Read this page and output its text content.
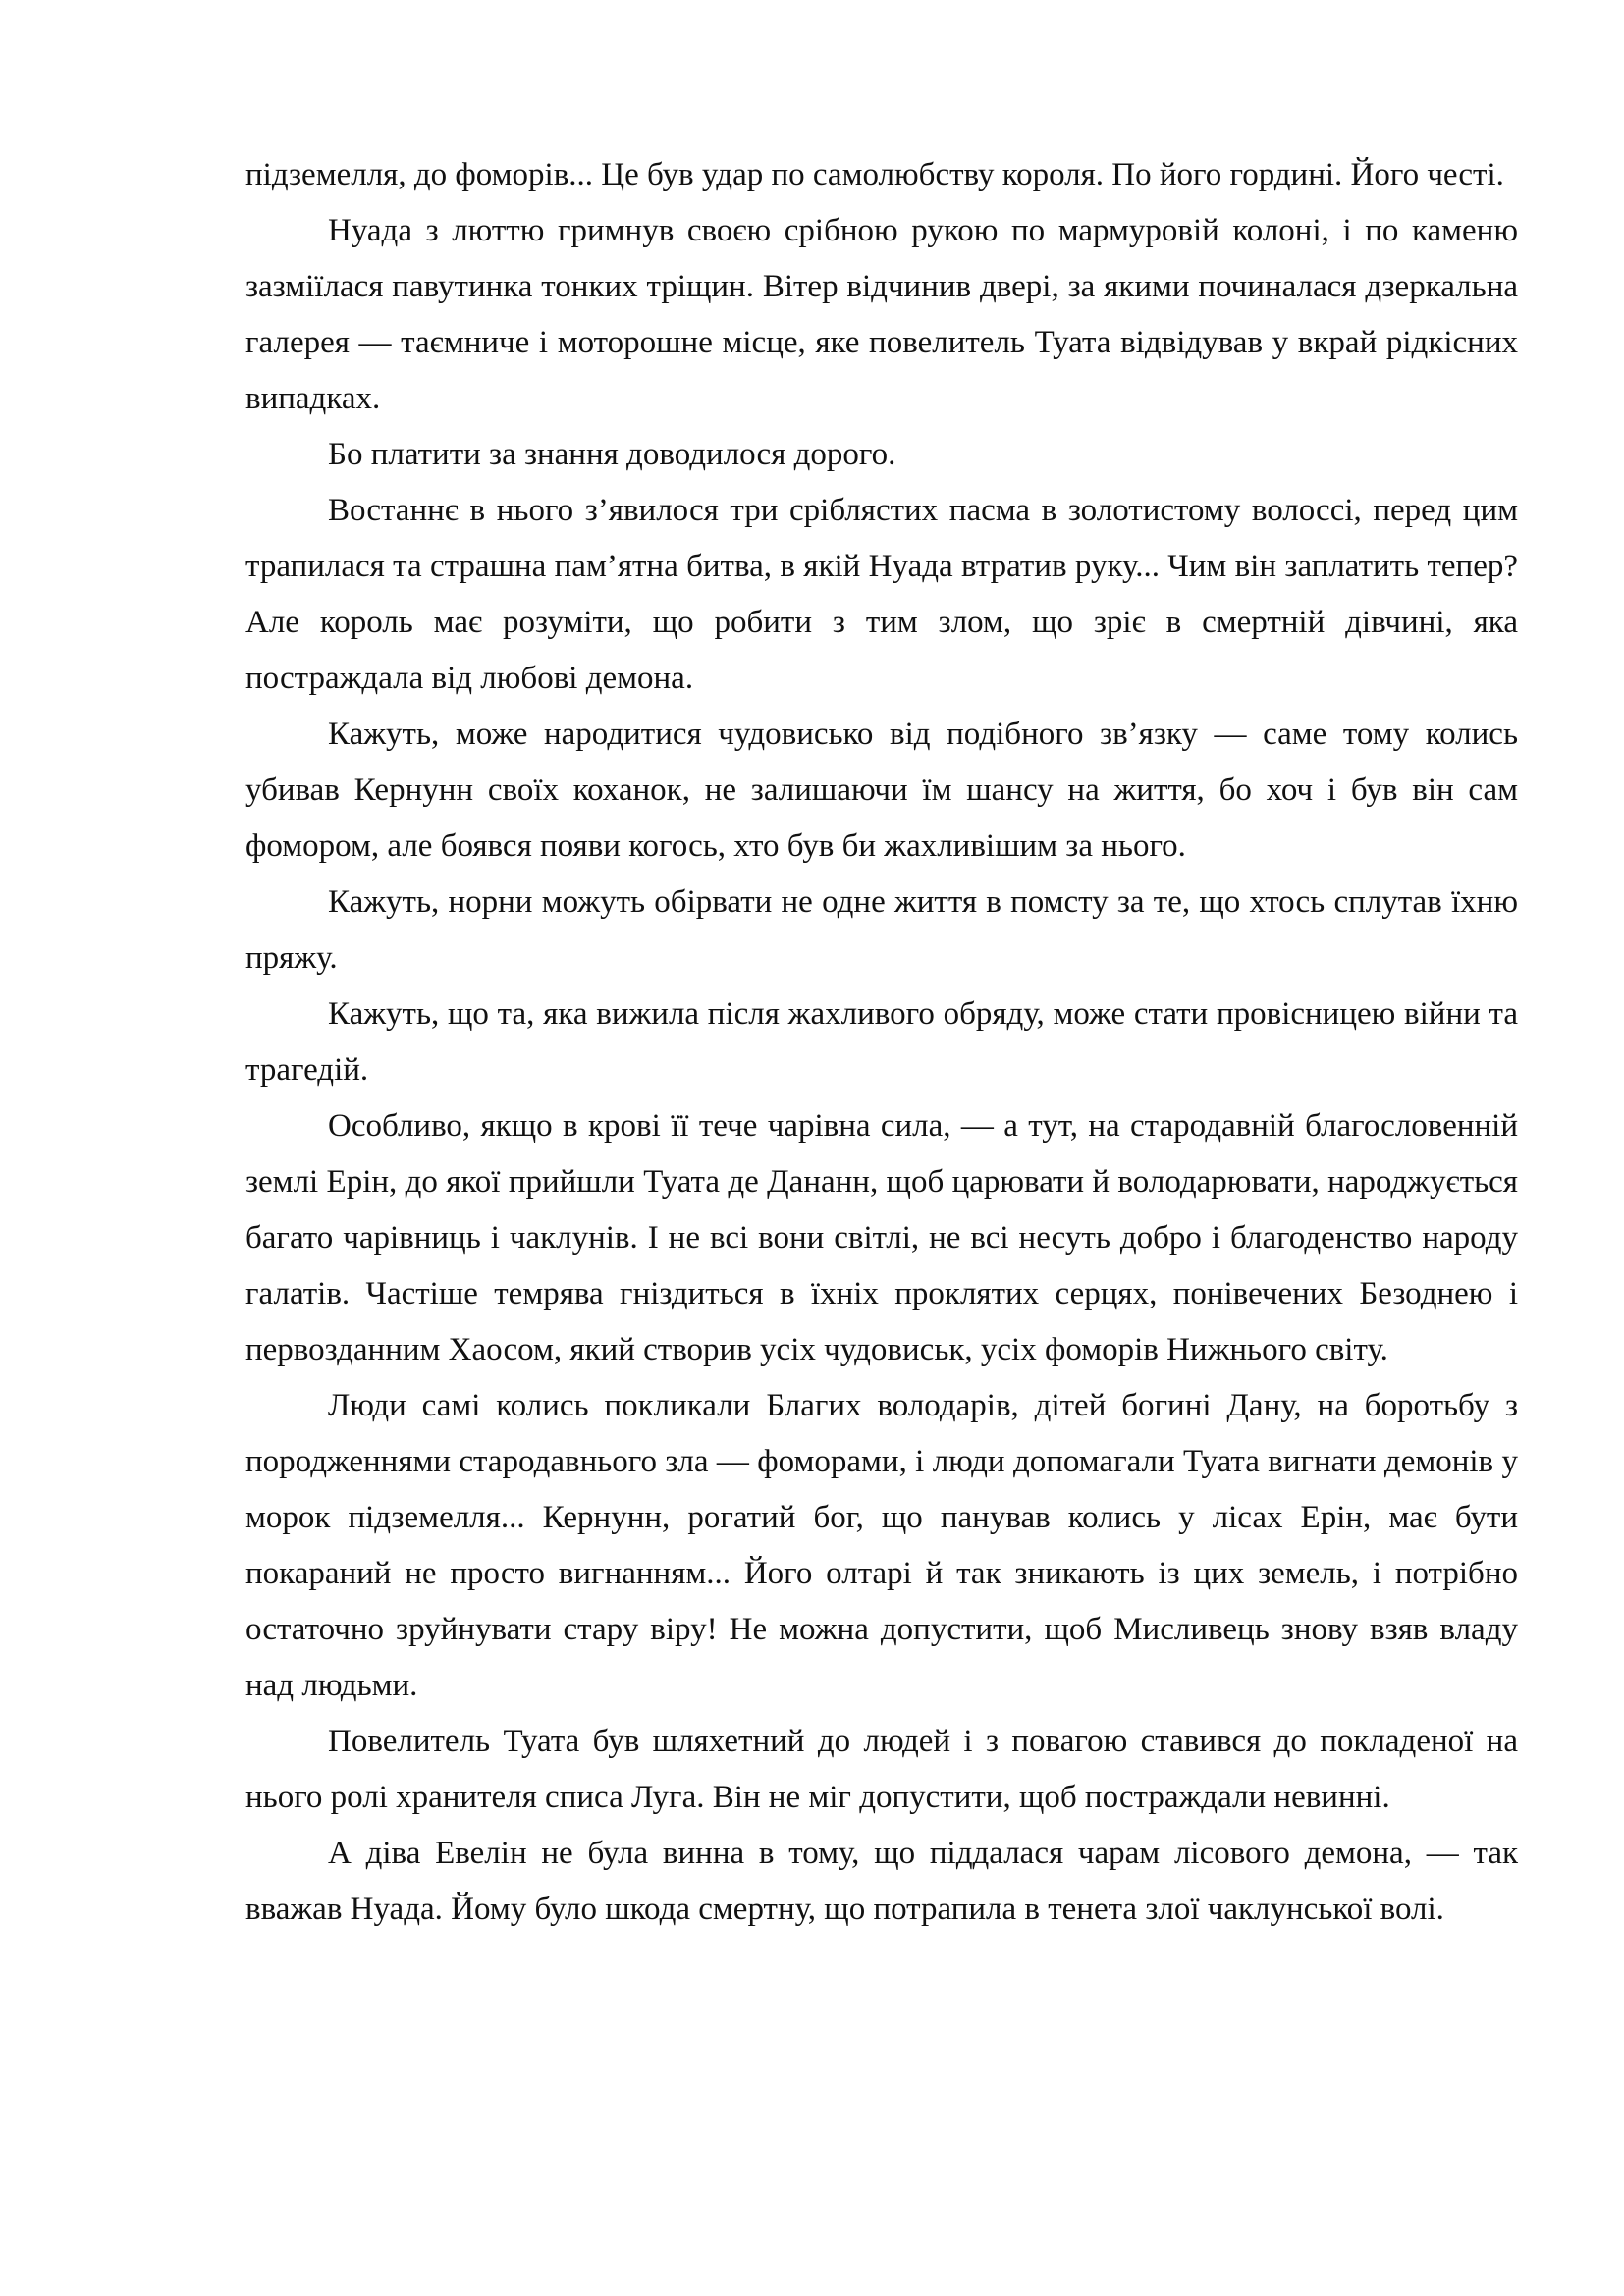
підземелля, до фоморів... Це був удар по самолюбству короля. По його гордині. Його честі.

Нуада з люттю гримнув своєю срібною рукою по мармуровій колоні, і по каменю зазміїлася павутинка тонких тріщин. Вітер відчинив двері, за якими починалася дзеркальна галерея — таємниче і моторошне місце, яке повелитель Туата відвідував у вкрай рідкісних випадках.

Бо платити за знання доводилося дорого.

Востаннє в нього з’явилося три сріблястих пасма в золотистому волоссі, перед цим трапилася та страшна пам’ятна битва, в якій Нуада втратив руку... Чим він заплатить тепер? Але король має розуміти, що робити з тим злом, що зріє в смертній дівчині, яка постраждала від любові демона.

Кажуть, може народитися чудовисько від подібного зв’язку — саме тому колись убивав Кернунн своїх коханок, не залишаючи їм шансу на життя, бо хоч і був він сам фомором, але боявся появи когось, хто був би жахливішим за нього.

Кажуть, норни можуть обірвати не одне життя в помсту за те, що хтось сплутав їхню пряжу.

Кажуть, що та, яка вижила після жахливого обряду, може стати провісницею війни та трагедій.

Особливо, якщо в крові її тече чарівна сила, — а тут, на стародавній благословенній землі Ерін, до якої прийшли Туата де Дананн, щоб царювати й володарювати, народжується багато чарівниць і чаклунів. І не всі вони світлі, не всі несуть добро і благоденство народу галатів. Частіше темрява гніздиться в їхніх проклятих серцях, понівечених Безоднею і первозданним Хаосом, який створив усіх чудовиськ, усіх фоморів Нижнього світу.

Люди самі колись покликали Благих володарів, дітей богині Дану, на боротьбу з породженнями стародавнього зла — фоморами, і люди допомагали Туата вигнати демонів у морок підземелля... Кернунн, рогатий бог, що панував колись у лісах Ерін, має бути покараний не просто вигнанням... Його олтарі й так зникають із цих земель, і потрібно остаточно зруйнувати стару віру! Не можна допустити, щоб Мисливець знову взяв владу над людьми.

Повелитель Туата був шляхетний до людей і з повагою ставився до покладеної на нього ролі хранителя списа Луга. Він не міг допустити, щоб постраждали невинні.

А діва Евелін не була винна в тому, що піддалася чарам лісового демона, — так вважав Нуада. Йому було шкода смертну, що потрапила в тенета злої чаклунської волі.
